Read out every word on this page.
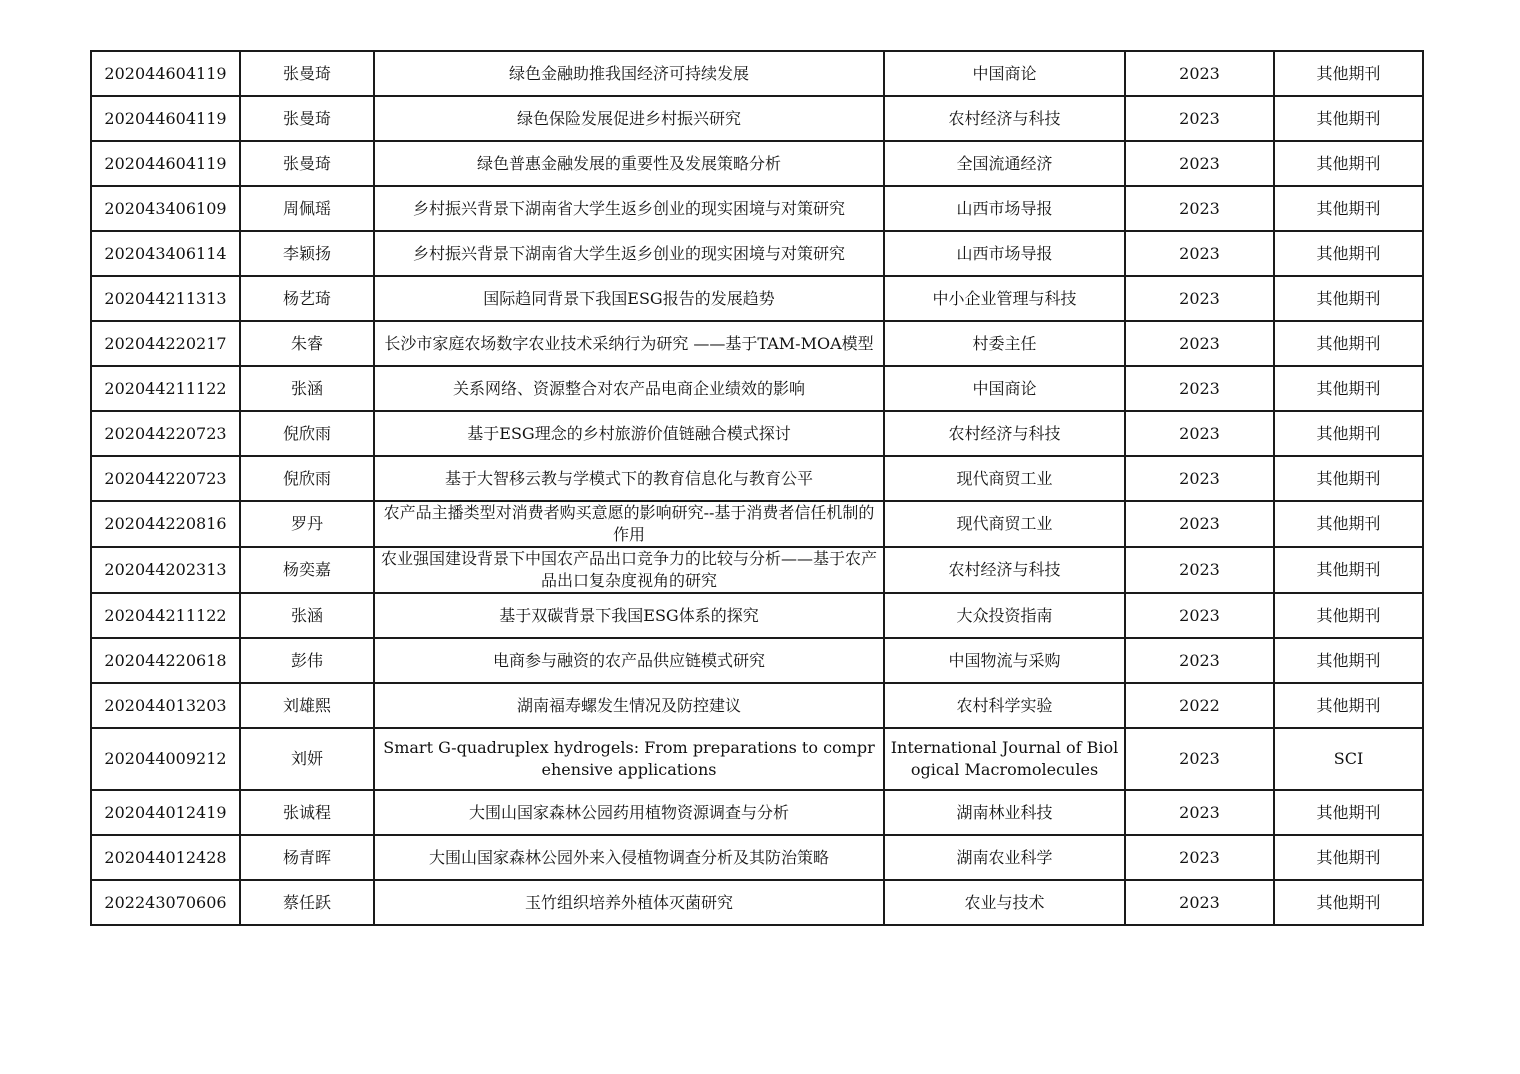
202044604119	张曼琦	绿色金融助推我国经济可持续发展	中国商论	2023	其他期刊
202044604119	张曼琦	绿色保险发展促进乡村振兴研究	农村经济与科技	2023	其他期刊
202044604119	张曼琦	绿色普惠金融发展的重要性及发展策略分析	全国流通经济	2023	其他期刊
202043406109	周佩瑶	乡村振兴背景下湖南省大学生返乡创业的现实困境与对策研究	山西市场导报	2023	其他期刊
202043406114	李颖扬	乡村振兴背景下湖南省大学生返乡创业的现实困境与对策研究	山西市场导报	2023	其他期刊
202044211313	杨艺琦	国际趋同背景下我国ESG报告的发展趋势	中小企业管理与科技	2023	其他期刊
202044220217	朱睿	长沙市家庭农场数字农业技术采纳行为研究 ——基于TAM-MOA模型	村委主任	2023	其他期刊
202044211122	张涵	关系网络、资源整合对农产品电商企业绩效的影响	中国商论	2023	其他期刊
202044220723	倪欣雨	基于ESG理念的乡村旅游价值链融合模式探讨	农村经济与科技	2023	其他期刊
202044220723	倪欣雨	基于大智移云教与学模式下的教育信息化与教育公平	现代商贸工业	2023	其他期刊
202044220816	罗丹	农产品主播类型对消费者购买意愿的影响研究--基于消费者信任机制的作用	现代商贸工业	2023	其他期刊
202044202313	杨奕嘉	农业强国建设背景下中国农产品出口竞争力的比较与分析——基于农产品出口复杂度视角的研究	农村经济与科技	2023	其他期刊
202044211122	张涵	基于双碳背景下我国ESG体系的探究	大众投资指南	2023	其他期刊
202044220618	彭伟	电商参与融资的农产品供应链模式研究	中国物流与采购	2023	其他期刊
202044013203	刘雄熙	湖南福寿螺发生情况及防控建议	农村科学实验	2022	其他期刊
202044009212	刘妍	Smart G-quadruplex hydrogels: From preparations to comprehensive applications	International Journal of Biological Macromolecules	2023	SCI
202044012419	张诚程	大围山国家森林公园药用植物资源调查与分析	湖南林业科技	2023	其他期刊
202044012428	杨青晖	大围山国家森林公园外来入侵植物调查分析及其防治策略	湖南农业科学	2023	其他期刊
202243070606	蔡任跃	玉竹组织培养外植体灭菌研究	农业与技术	2023	其他期刊
